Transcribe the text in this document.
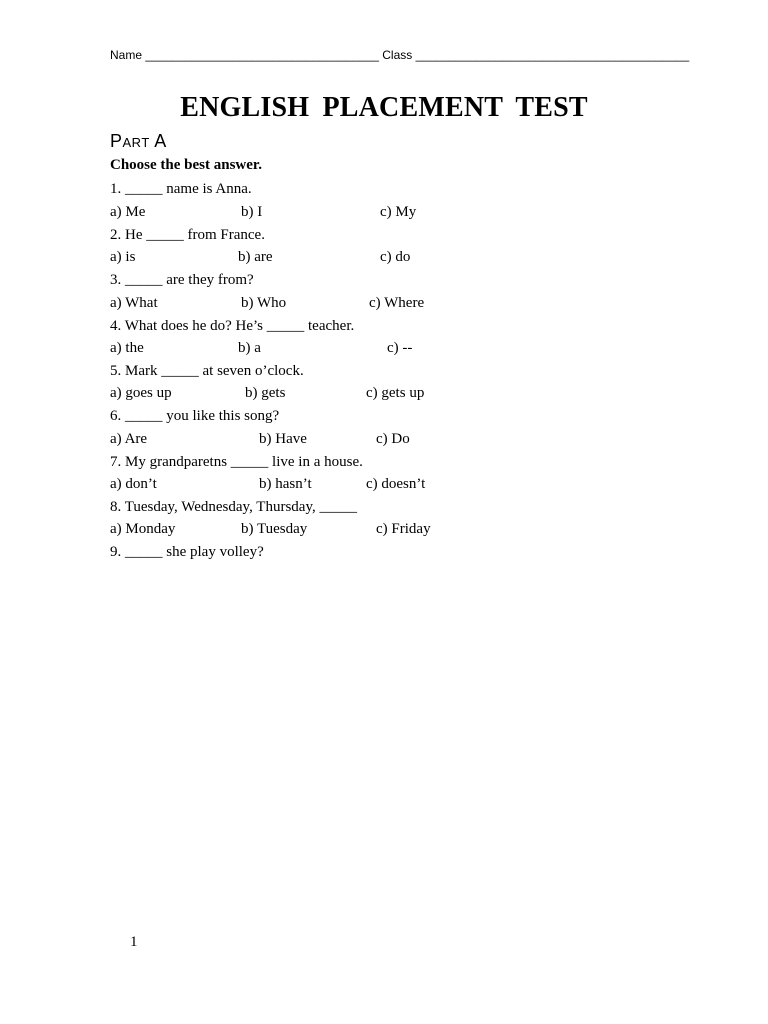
Name ___________________________________ Class _________________________________________
ENGLISH PLACEMENT TEST
Part A
Choose the best answer.
1. _____ name is Anna.
a) Me	b) I	c) My
2. He _____ from France.
a) is	b) are	c) do
3. _____ are they from?
a) What	b) Who	c) Where
4. What does he do? He’s _____ teacher.
a) the	b) a	c) --
5. Mark _____ at seven o’clock.
a) goes up	b) gets	c) gets up
6. _____ you like this song?
a) Are	b) Have	c) Do
7. My grandparetns _____ live in a house.
a) don’t	b) hasn’t	c) doesn’t
8. Tuesday, Wednesday, Thursday, _____
a) Monday	b) Tuesday	c) Friday
9. _____ she play volley?
1
